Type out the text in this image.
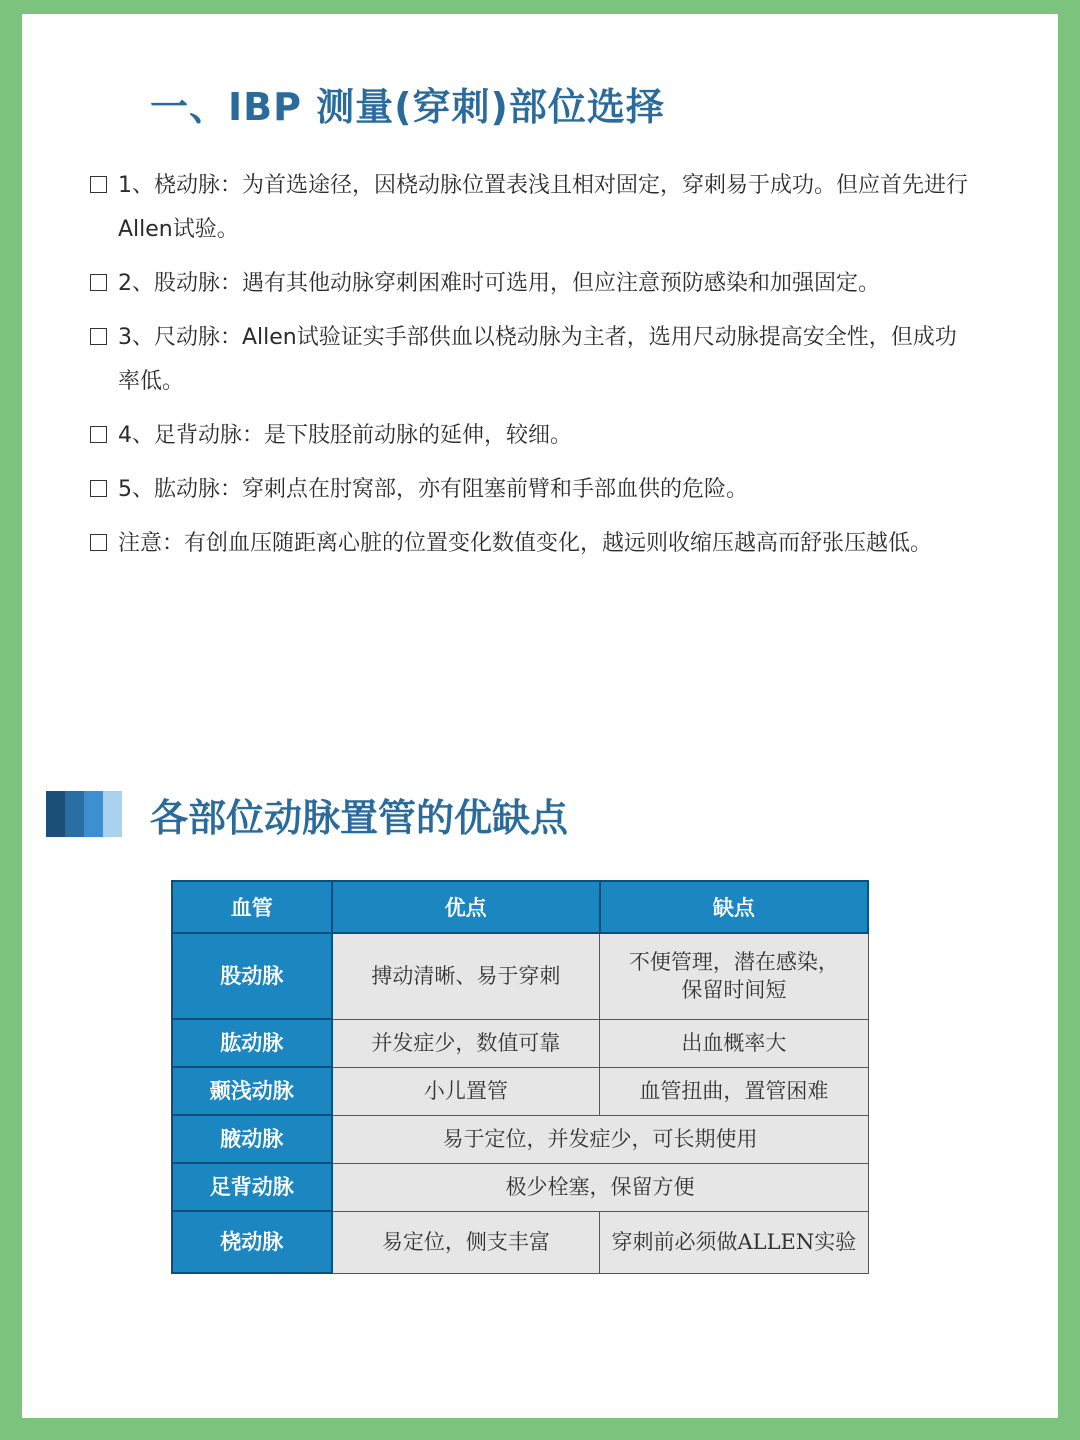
一、IBP 测量(穿刺)部位选择
1、桡动脉：为首选途径，因桡动脉位置表浅且相对固定，穿刺易于成功。但应首先进行Allen试验。
2、股动脉：遇有其他动脉穿刺困难时可选用，但应注意预防感染和加强固定。
3、尺动脉：Allen试验证实手部供血以桡动脉为主者，选用尺动脉提高安全性，但成功率低。
4、足背动脉：是下肢胫前动脉的延伸，较细。
5、肱动脉：穿刺点在肘窝部，亦有阻塞前臂和手部血供的危险。
注意：有创血压随距离心脏的位置变化数值变化，越远则收缩压越高而舒张压越低。
各部位动脉置管的优缺点
血管	优点	缺点
股动脉	搏动清晰、易于穿刺	不便管理，潜在感染，
保留时间短
肱动脉	并发症少，数值可靠	出血概率大
颞浅动脉	小儿置管	血管扭曲，置管困难
腋动脉	易于定位，并发症少，可长期使用	
足背动脉	极少栓塞，保留方便	
桡动脉	易定位，侧支丰富	穿刺前必须做ALLEN实验
